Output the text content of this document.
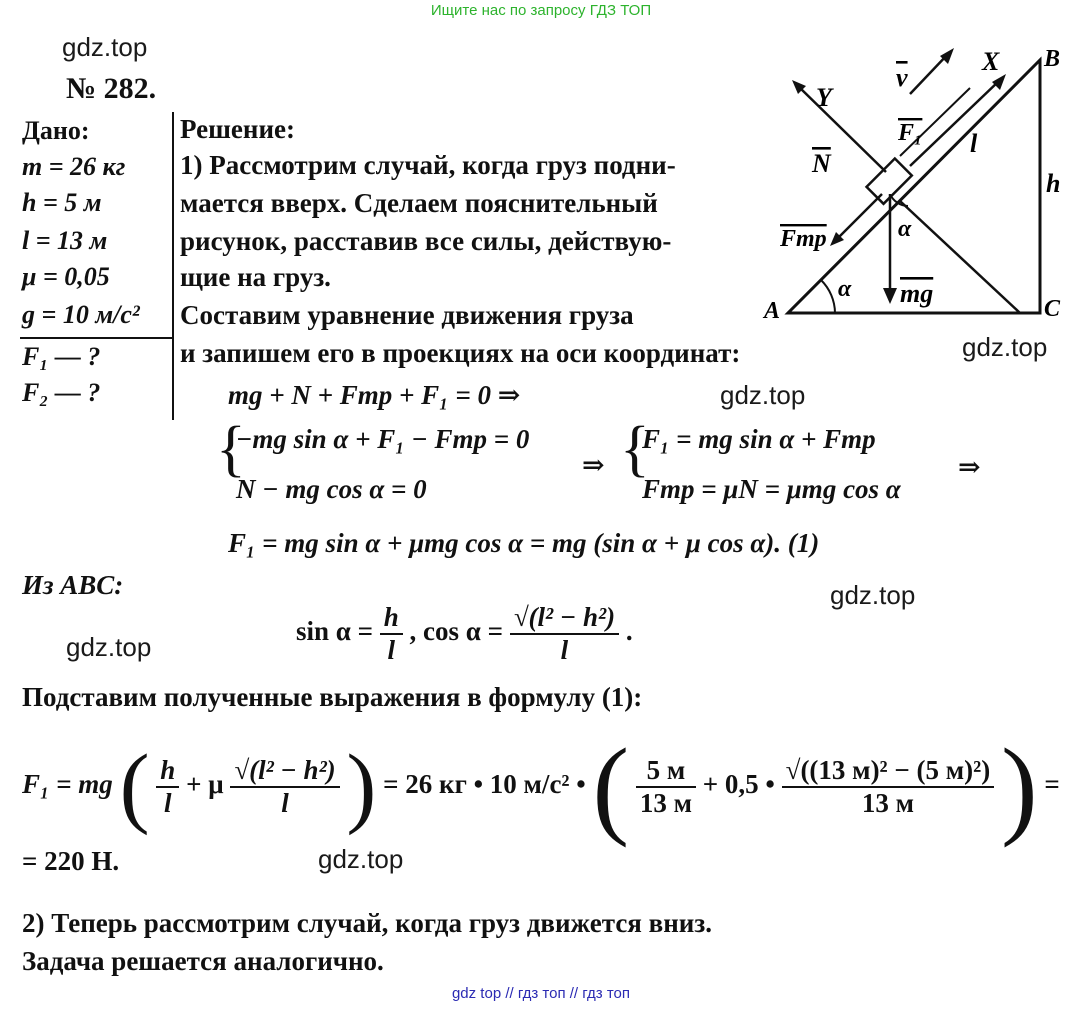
Ищите нас по запросу ГДЗ ТОП
gdz.top
gdz.top
gdz.top
gdz.top
gdz.top
gdz.top
№ 282.
Дано:
m = 26 кг
h = 5 м
l = 13 м
μ = 0,05
g = 10 м/с²
F₁ — ?
F₂ — ?
Решение:
1) Рассмотрим случай, когда груз подни-
мается вверх. Сделаем пояснительный
рисунок, расставив все силы, действую-
щие на груз.
Составим уравнение движения груза
и запишем его в проекциях на оси координат:
mg + N + Fтр + F₁ = 0 ⇒
{
−mg sin α + F₁ − Fтр = 0
N − mg cos α = 0
⇒ {
F₁ = mg sin α + Fтр
Fтр = μN = μmg cos α
⇒
F₁ = mg sin α + μmg cos α = mg (sin α + μ cos α). (1)
Из ABC:
$\sin \alpha = \frac{h}{l}$ , $\cos \alpha = \frac{\text{√(l² − h²)}}{l}$ .
Подставим полученные выражения в формулу (1):
F₁ = mg ( $\frac{h}{l} + \mu \frac{\text{√(l² − h²)}}{l}$ ) = 26 кг • 10 м/с² • ( $\frac{5 м}{13 м} + 0,5$ • $\frac{\text{√((13 м)² − (5 м)²)}}{13 м}$ ) =
= 220 Н.
2) Теперь рассмотрим случай, когда груз движется вниз.
Задача решается аналогично.
A
B
C
h
l
X
Y
v
N
F₁
Fтр
mg
α
α
gdz top // гдз топ // гдз топ
